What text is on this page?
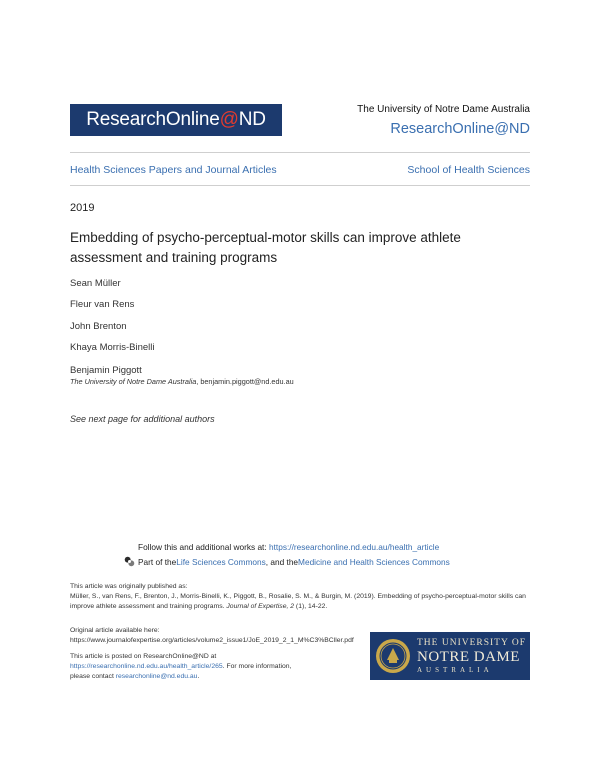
ResearchOnline@ND	The University of Notre Dame Australia
ResearchOnline@ND
Health Sciences Papers and Journal Articles	School of Health Sciences
2019
Embedding of psycho-perceptual-motor skills can improve athlete assessment and training programs
Sean Müller
Fleur van Rens
John Brenton
Khaya Morris-Binelli
Benjamin Piggott
The University of Notre Dame Australia, benjamin.piggott@nd.edu.au
See next page for additional authors
Follow this and additional works at: https://researchonline.nd.edu.au/health_article
Part of the Life Sciences Commons , and the Medicine and Health Sciences Commons
This article was originally published as:
Müller, S., van Rens, F., Brenton, J., Morris-Binelli, K., Piggott, B., Rosalie, S. M., & Burgin, M. (2019). Embedding of psycho-perceptual-motor skills can improve athlete assessment and training programs. Journal of Expertise, 2 (1), 14-22.
Original article available here:
https://www.journalofexpertise.org/articles/volume2_issue1/JoE_2019_2_1_M%C3%BCller.pdf
This article is posted on ResearchOnline@ND at
https://researchonline.nd.edu.au/health_article/265. For more information, please contact researchonline@nd.edu.au.
THE UNIVERSITY OF
NOTRE DAME
AUSTRALIA
